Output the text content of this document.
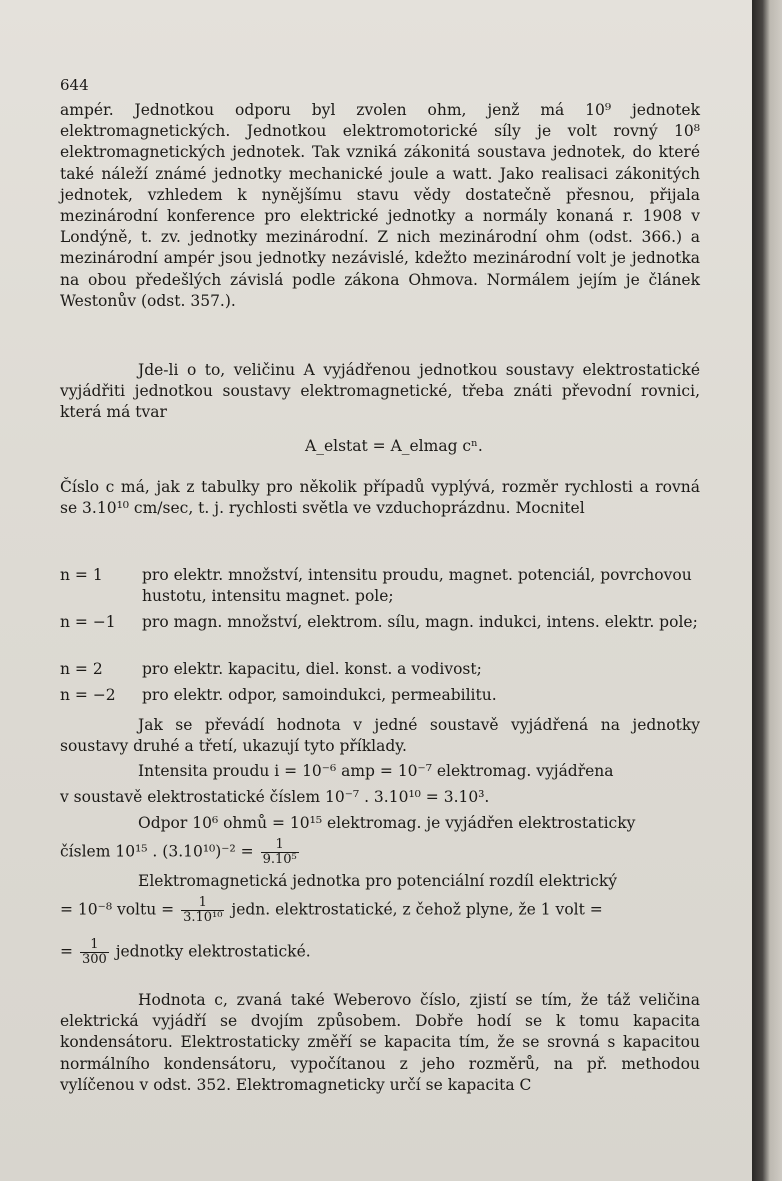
644
ampér. Jednotkou odporu byl zvolen ohm, jenž má 10⁹ jednotek elektromagnetických. Jednotkou elektromotorické síly je volt rovný 10⁸ elektromagnetických jednotek. Tak vzniká zákonitá soustava jednotek, do které také náleží známé jednotky mechanické joule a watt. Jako realisaci zákonitých jednotek, vzhledem k nynějšímu stavu vědy dostatečně přesnou, přijala mezinárodní konference pro elektrické jednotky a normály konaná r. 1908 v Londýně, t. zv. jednotky mezinárodní. Z nich mezinárodní ohm (odst. 366.) a mezinárodní ampér jsou jednotky nezávislé, kdežto mezinárodní volt je jednotka na obou předešlých závislá podle zákona Ohmova. Normálem jejím je článek Westonův (odst. 357.).
Jde-li o to, veličinu A vyjádřenou jednotkou soustavy elektrostatické vyjádřiti jednotkou soustavy elektromagnetické, třeba znáti převodní rovnici, která má tvar
A_elstat = A_elmag cⁿ.
Číslo c má, jak z tabulky pro několik případů vyplývá, rozměr rychlosti a rovná se 3.10¹⁰ cm/sec, t. j. rychlosti světla ve vzduchoprázdnu. Mocnitel
n = 1	pro elektr. množství, intensitu proudu, magnet. potenciál, povrchovou hustotu, intensitu magnet. pole;
n = −1	pro magn. množství, elektrom. sílu, magn. indukci, intens. elektr. pole;
n = 2	pro elektr. kapacitu, diel. konst. a vodivost;
n = −2	pro elektr. odpor, samoindukci, permeabilitu.
Jak se převádí hodnota v jedné soustavě vyjádřená na jednotky soustavy druhé a třetí, ukazují tyto příklady.
Intensita proudu i = 10⁻⁶ amp = 10⁻⁷ elektromag. vyjádřena
v soustavě elektrostatické číslem 10⁻⁷ . 3.10¹⁰ = 3.10³.
Odpor 10⁶ ohmů = 10¹⁵ elektromag. je vyjádřen elektrostaticky
číslem 10¹⁵ . $(3.10^{10})^{-2} = \frac{1}{\text{9.10⁵}}$
Elektromagnetická jednotka pro potenciální rozdíl elektrický
= 10⁻⁸ voltu = $\frac{1}{\text{3.10¹⁰}}$ jedn. elektrostatické, z čehož plyne, že 1 volt =
= $\frac{1}{300}$ jednotky elektrostatické.
Hodnota c, zvaná také Weberovo číslo, zjistí se tím, že táž veličina elektrická vyjádří se dvojím způsobem. Dobře hodí se k tomu kapacita kondensátoru. Elektrostaticky změří se kapacita tím, že se srovná s kapacitou normálního kondensátoru, vypočítanou z jeho rozměrů, na př. methodou vylíčenou v odst. 352. Elektromagneticky určí se kapacita C
